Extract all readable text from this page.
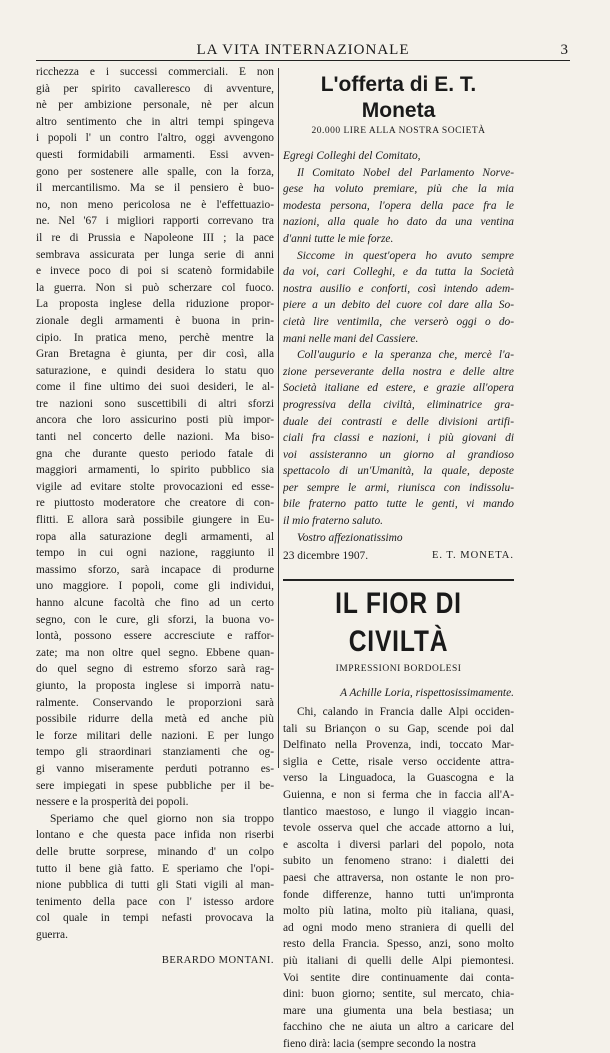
LA VITA INTERNAZIONALE	3

ricchezza e i successi commerciali. E non
già per spirito cavalleresco di avventure,
nè per ambizione personale, nè per alcun
altro sentimento che in altri tempi spingeva
i popoli l' un contro l'altro, oggi avvengono
questi formidabili armamenti. Essi avven-
gono per sostenere alle spalle, con la forza,
il mercantilismo. Ma se il pensiero è buo-
no, non meno pericolosa ne è l'effettuazio-
ne. Nel '67 i migliori rapporti correvano tra
il re di Prussia e Napoleone III ; la pace
sembrava assicurata per lunga serie di anni
e invece poco di poi si scatenò formidabile
la guerra. Non si può scherzare col fuoco.
La proposta inglese della riduzione propor-
zionale degli armamenti è buona in prin-
cipio. In pratica meno, perchè mentre la
Gran Bretagna è giunta, per dir così, alla
saturazione, e quindi desidera lo statu quo
come il fine ultimo dei suoi desideri, le al-
tre nazioni sono suscettibili di altri sforzi
ancora che loro assicurino posti più impor-
tanti nel concerto delle nazioni. Ma biso-
gna che durante questo periodo fatale di
maggiori armamenti, lo spirito pubblico sia
vigile ad evitare stolte provocazioni ed esse-
re piuttosto moderatore che creatore di con-
flitti. E allora sarà possibile giungere in Eu-
ropa alla saturazione degli armamenti, al
tempo in cui ogni nazione, raggiunto il
massimo sforzo, sarà incapace di produrne
uno maggiore. I popoli, come gli individui,
hanno alcune facoltà che fino ad un certo
segno, con le cure, gli sforzi, la buona vo-
lontà, possono essere accresciute e raffor-
zate; ma non oltre quel segno. Ebbene quan-
do quel segno di estremo sforzo sarà rag-
giunto, la proposta inglese si imporrà natu-
ralmente. Conservando le proporzioni sarà
possibile ridurre della metà ed anche più
le forze militari delle nazioni. E per lungo
tempo gli straordinari stanziamenti che og-
gi vanno miseramente perduti potranno es-
sere impiegati in spese pubbliche per il be-
nessere e la prosperità dei popoli.
Speriamo che quel giorno non sia troppo
lontano e che questa pace infida non riserbi
delle brutte sorprese, minando d' un colpo
tutto il bene già fatto. E speriamo che l'opi-
nione pubblica di tutti gli Stati vigili al man-
tenimento della pace con l' istesso ardore
col quale in tempi nefasti provocava la
guerra.

BERARDO MONTANI.
L'offerta di E. T. Moneta
20.000 LIRE ALLA NOSTRA SOCIETÀ

Egregi Colleghi del Comitato,

Il Comitato Nobel del Parlamento Norve-
gese ha voluto premiare, più che la mia
modesta persona, l'opera della pace fra le
nazioni, alla quale ho dato da una ventina
d'anni tutte le mie forze.
Siccome in quest'opera ho avuto sempre
da voi, cari Colleghi, e da tutta la Società
nostra ausilio e conforti, così intendo adem-
piere a un debito del cuore col dare alla So-
cietà lire ventimila, che verserò oggi o do-
mani nelle mani del Cassiere.
Coll'augurio e la speranza che, mercè l'a-
zione perseverante della nostra e delle altre
Società italiane ed estere, e grazie all'opera
progressiva della civiltà, eliminatrice gra-
duale dei contrasti e delle divisioni artifi-
ciali fra classi e nazioni, i più giovani di
voi assisteranno un giorno al grandioso
spettacolo di un'Umanità, la quale, deposte
per sempre le armi, riunisca con indissolu-
bile fraterno patto tutte le genti, vi mando
il mio fraterno saluto.
Vostro affezionatissimo

23 dicembre 1907.	E. T. MONETA.
IL FIOR DI CIVILTÀ
IMPRESSIONI BORDOLESI
A Achille Loria, rispettosissimamente.

Chi, calando in Francia dalle Alpi occiden-
tali su Briançon o su Gap, scende poi dal
Delfinato nella Provenza, indi, toccato Mar-
siglia e Cette, risale verso occidente attra-
verso la Linguadoca, la Guascogna e la
Guienna, e non si ferma che in faccia all'A-
tlantico maestoso, e lungo il viaggio incan-
tevole osserva quel che accade attorno a lui,
e ascolta i diversi parlari del popolo, nota
subito un fenomeno strano: i dialetti dei
paesi che attraversa, non ostante le non pro-
fonde differenze, hanno tutti un'impronta
molto più latina, molto più italiana, quasi,
ad ogni modo meno straniera di quelli del
resto della Francia. Spesso, anzi, sono molto
più italiani di quelli delle Alpi piemontesi.
Voi sentite dire continuamente dai conta-
dini: buon giorno; sentite, sul mercato, chia-
mare una giumenta una bela bestiasa; un
facchino che ne aiuta un altro a caricare del
fieno dirà: lacia (sempre secondo la nostra
